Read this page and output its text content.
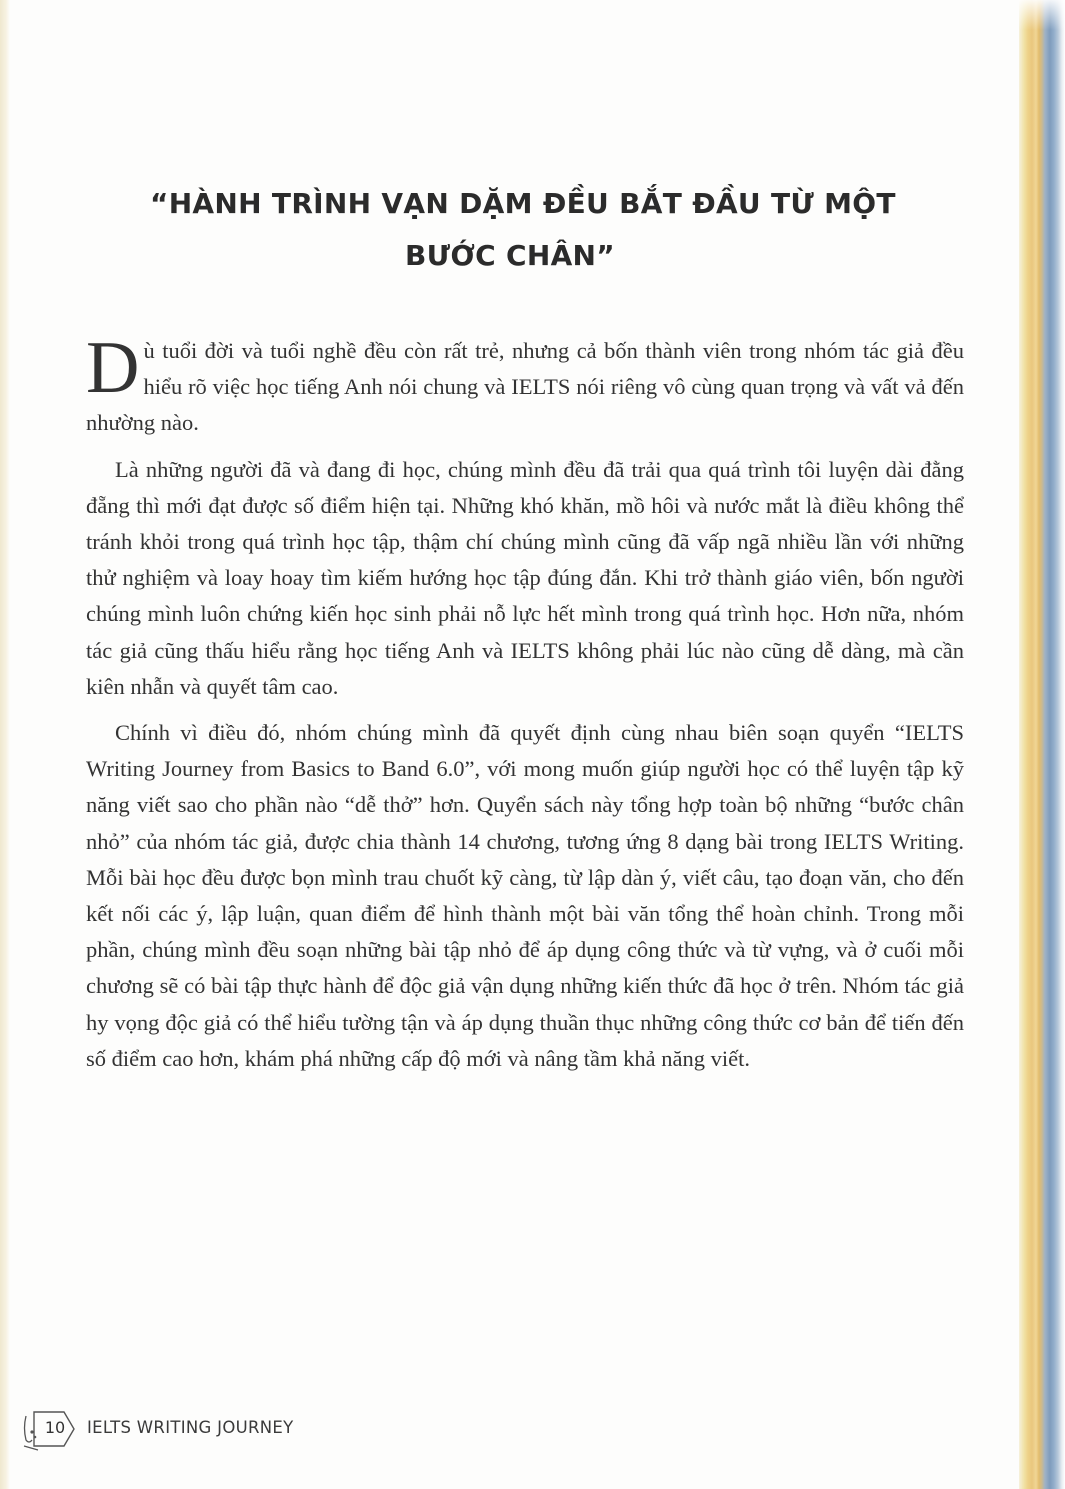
“HÀNH TRÌNH VẠN DẶM ĐỀU BẮT ĐẦU TỪ MỘT
BƯỚC CHÂN”

D ù tuổi đời và tuổi nghề đều còn rất trẻ, nhưng cả bốn thành viên trong nhóm tác giả đều hiểu rõ việc học tiếng Anh nói chung và IELTS nói riêng vô cùng quan trọng và vất vả đến nhường nào.

Là những người đã và đang đi học, chúng mình đều đã trải qua quá trình tôi luyện dài đằng đẵng thì mới đạt được số điểm hiện tại. Những khó khăn, mồ hôi và nước mắt là điều không thể tránh khỏi trong quá trình học tập, thậm chí chúng mình cũng đã vấp ngã nhiều lần với những thử nghiệm và loay hoay tìm kiếm hướng học tập đúng đắn. Khi trở thành giáo viên, bốn người chúng mình luôn chứng kiến học sinh phải nỗ lực hết mình trong quá trình học. Hơn nữa, nhóm tác giả cũng thấu hiểu rằng học tiếng Anh và IELTS không phải lúc nào cũng dễ dàng, mà cần kiên nhẫn và quyết tâm cao.

Chính vì điều đó, nhóm chúng mình đã quyết định cùng nhau biên soạn quyển “IELTS Writing Journey from Basics to Band 6.0”, với mong muốn giúp người học có thể luyện tập kỹ năng viết sao cho phần nào “dễ thở” hơn. Quyển sách này tổng hợp toàn bộ những “bước chân nhỏ” của nhóm tác giả, được chia thành 14 chương, tương ứng 8 dạng bài trong IELTS Writing. Mỗi bài học đều được bọn mình trau chuốt kỹ càng, từ lập dàn ý, viết câu, tạo đoạn văn, cho đến kết nối các ý, lập luận, quan điểm để hình thành một bài văn tổng thể hoàn chỉnh. Trong mỗi phần, chúng mình đều soạn những bài tập nhỏ để áp dụng công thức và từ vựng, và ở cuối mỗi chương sẽ có bài tập thực hành để độc giả vận dụng những kiến thức đã học ở trên. Nhóm tác giả hy vọng độc giả có thể hiểu tường tận và áp dụng thuần thục những công thức cơ bản để tiến đến số điểm cao hơn, khám phá những cấp độ mới và nâng tầm khả năng viết.

10	IELTS WRITING JOURNEY
